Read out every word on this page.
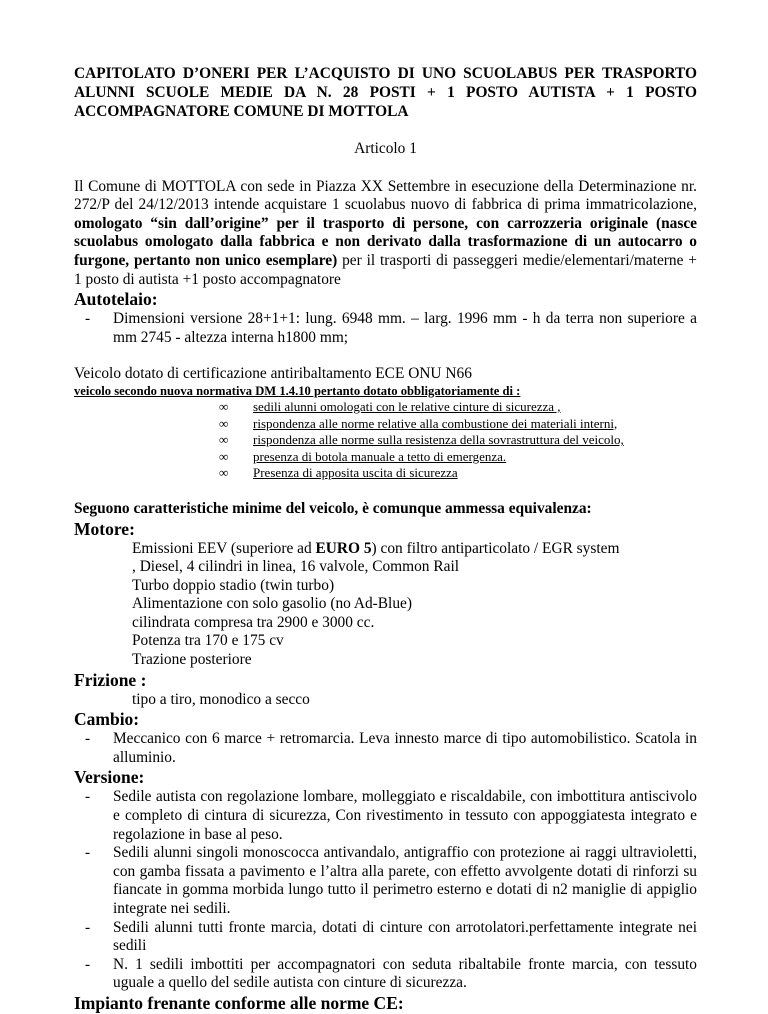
CAPITOLATO D’ONERI PER L’ACQUISTO DI UNO SCUOLABUS PER TRASPORTO ALUNNI SCUOLE MEDIE DA N. 28 POSTI + 1 POSTO AUTISTA + 1 POSTO ACCOMPAGNATORE COMUNE DI MOTTOLA

Articolo 1

Il Comune di MOTTOLA con sede in Piazza XX Settembre in esecuzione della Determinazione nr. 272/P del 24/12/2013 intende acquistare 1 scuolabus nuovo di fabbrica di prima immatricolazione, omologato “sin dall’origine” per il trasporto di persone, con carrozzeria originale (nasce scuolabus omologato dalla fabbrica e non derivato dalla trasformazione di un autocarro o furgone, pertanto non unico esemplare) per il trasporti di passeggeri medie/elementari/materne + 1 posto di autista +1 posto accompagnatore

Autotelaio:

-	Dimensioni versione 28+1+1: lung. 6948 mm. – larg. 1996 mm - h da terra non superiore a mm 2745 - altezza interna h1800 mm;

Veicolo dotato di certificazione antiribaltamento ECE ONU N66

veicolo secondo nuova normativa DM 1.4.10 pertanto dotato obbligatoriamente di :

∞	sedili alunni omologati con le relative cinture di sicurezza ,
∞	rispondenza alle norme relative alla combustione dei materiali interni,
∞	rispondenza alle norme sulla resistenza della sovrastruttura del veicolo,
∞	presenza di botola manuale a tetto di emergenza.
∞	Presenza di apposita uscita di sicurezza

Seguono caratteristiche minime del veicolo, è comunque ammessa equivalenza:

Motore:

Emissioni EEV (superiore ad EURO 5) con filtro antiparticolato / EGR system

, Diesel, 4 cilindri in linea, 16 valvole, Common Rail

Turbo doppio stadio (twin turbo)

Alimentazione con solo gasolio (no Ad-Blue)

cilindrata compresa tra 2900 e 3000 cc.

Potenza tra 170 e 175 cv

Trazione posteriore

Frizione :

tipo a tiro, monodico a secco

Cambio:

-	Meccanico con 6 marce + retromarcia. Leva innesto marce di tipo automobilistico. Scatola in alluminio.

Versione:

-	Sedile autista con regolazione lombare, molleggiato e riscaldabile, con imbottitura antiscivolo e completo di cintura di sicurezza, Con rivestimento in tessuto con appoggiatesta integrato e regolazione in base al peso.
-	Sedili alunni singoli monoscocca antivandalo, antigraffio con protezione ai raggi ultravioletti, con gamba fissata a pavimento e l’altra alla parete, con effetto avvolgente dotati di rinforzi su fiancate in gomma morbida lungo tutto il perimetro esterno e dotati di n2 maniglie di appiglio integrate nei sedili.
-	Sedili alunni tutti fronte marcia, dotati di cinture con arrotolatori.perfettamente integrate nei sedili
-	N. 1 sedili imbottiti per accompagnatori con seduta ribaltabile fronte marcia, con tessuto uguale a quello del sedile autista con cinture di sicurezza.

Impianto frenante conforme alle norme CE:
